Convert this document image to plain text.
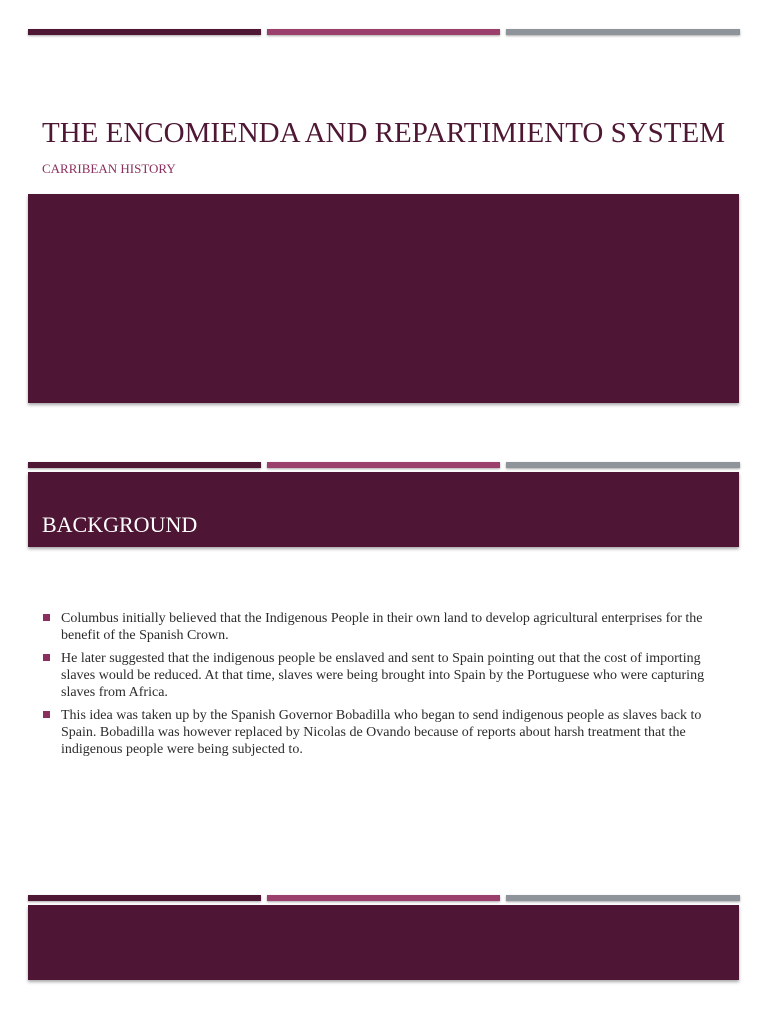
THE ENCOMIENDA AND REPARTIMIENTO SYSTEM
CARRIBEAN HISTORY
BACKGROUND
Columbus initially believed that the Indigenous People in their own land to develop agricultural enterprises for the benefit of the Spanish Crown.
He later suggested that the indigenous people be enslaved and sent to Spain pointing out that the cost of importing slaves would be reduced. At that time, slaves were being brought into Spain by the Portuguese who were capturing slaves from Africa.
This idea was taken up by the Spanish Governor Bobadilla who began to send indigenous people as slaves back to Spain. Bobadilla was however replaced by Nicolas de Ovando because of reports about harsh treatment that the indigenous people were being subjected to.
